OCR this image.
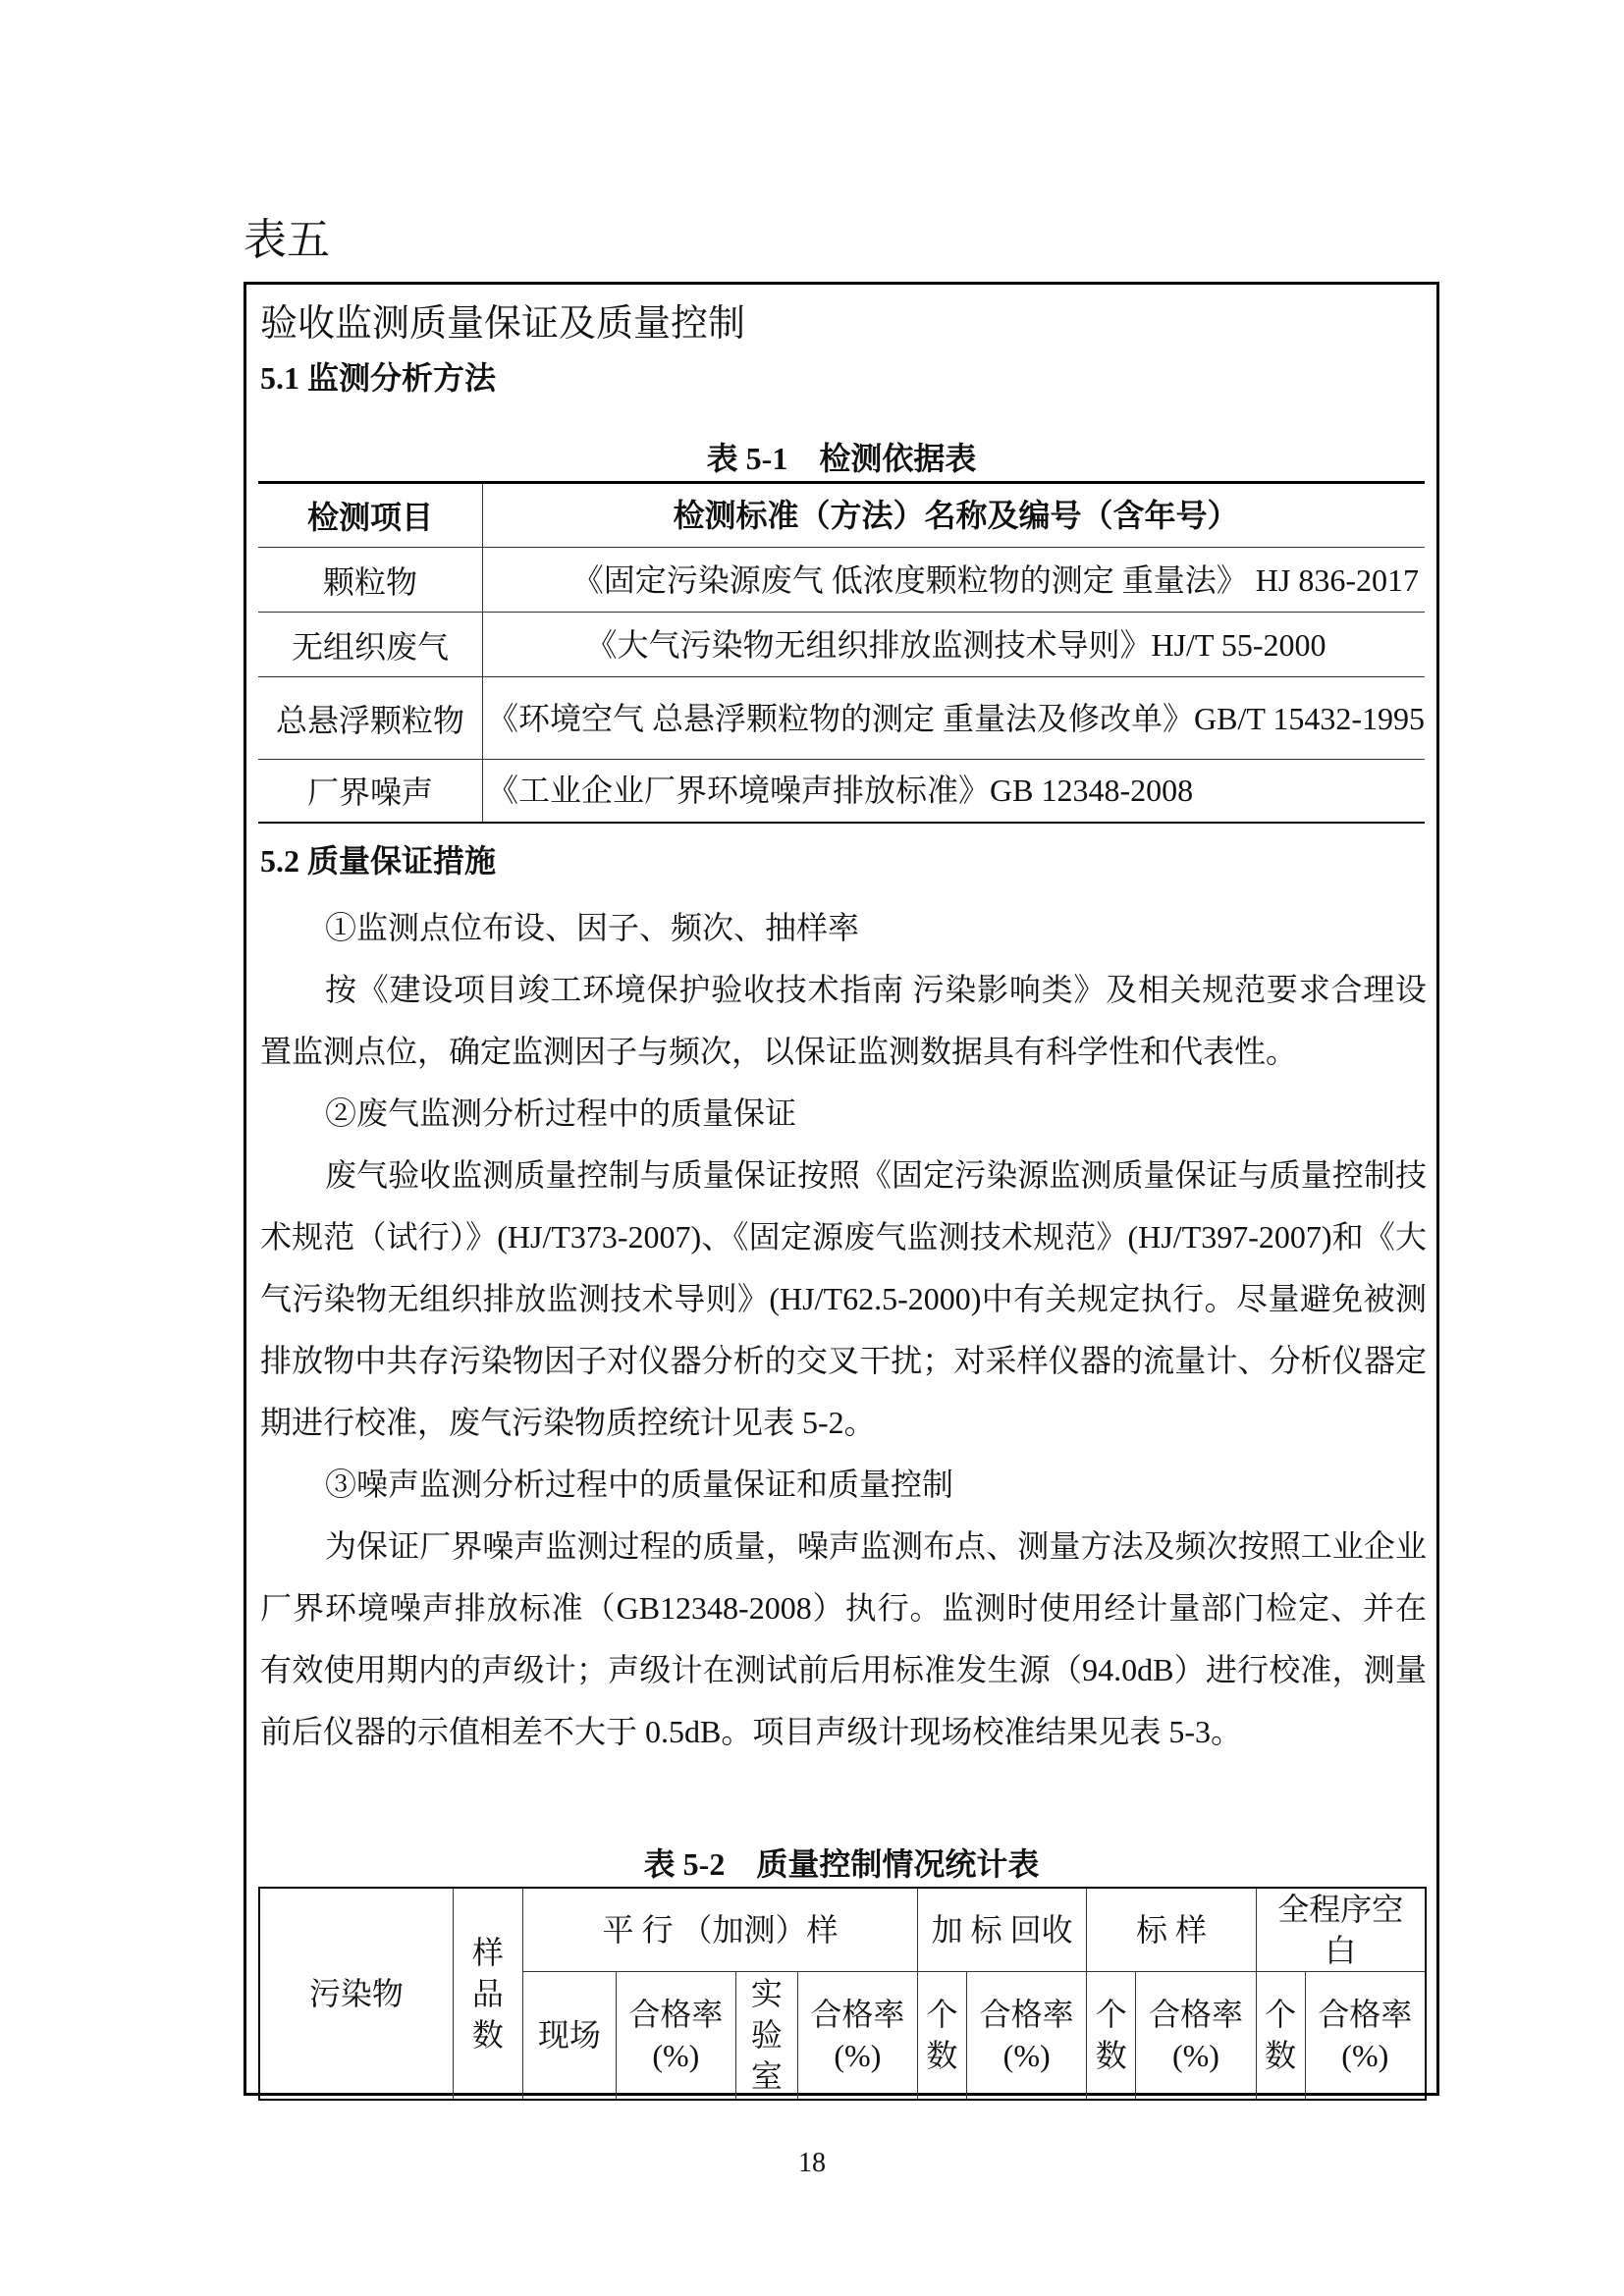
表五
验收监测质量保证及质量控制
5.1 监测分析方法
表 5-1　检测依据表
检测项目	检测标准（方法）名称及编号（含年号）
颗粒物	《固定污染源废气 低浓度颗粒物的测定 重量法》 HJ 836-2017
无组织废气	《大气污染物无组织排放监测技术导则》HJ/T 55-2000
总悬浮颗粒物	《环境空气 总悬浮颗粒物的测定 重量法及修改单》GB/T 15432-1995
厂界噪声	《工业企业厂界环境噪声排放标准》GB 12348-2008
5.2 质量保证措施

①监测点位布设、因子、频次、抽样率

按《建设项目竣工环境保护验收技术指南 污染影响类》及相关规范要求合理设置监测点位，确定监测因子与频次，以保证监测数据具有科学性和代表性。

②废气监测分析过程中的质量保证

废气验收监测质量控制与质量保证按照《固定污染源监测质量保证与质量控制技术规范（试行）》(HJ/T373-2007)、《固定源废气监测技术规范》(HJ/T397-2007)和《大气污染物无组织排放监测技术导则》(HJ/T62.5-2000)中有关规定执行。尽量避免被测排放物中共存污染物因子对仪器分析的交叉干扰；对采样仪器的流量计、分析仪器定期进行校准，废气污染物质控统计见表 5-2。

③噪声监测分析过程中的质量保证和质量控制

为保证厂界噪声监测过程的质量，噪声监测布点、测量方法及频次按照工业企业厂界环境噪声排放标准（GB12348-2008）执行。监测时使用经计量部门检定、并在有效使用期内的声级计；声级计在测试前后用标准发生源（94.0dB）进行校准，测量前后仪器的示值相差不大于 0.5dB。项目声级计现场校准结果见表 5-3。

表 5-2　质量控制情况统计表
污染物	样品数	平 行 （加测）样				加 标 回收		标 样		全程序空白	
		现场	合格率(%)	实验室	合格率(%)	个数	合格率(%)	个数	合格率(%)	个数	合格率(%)
18
